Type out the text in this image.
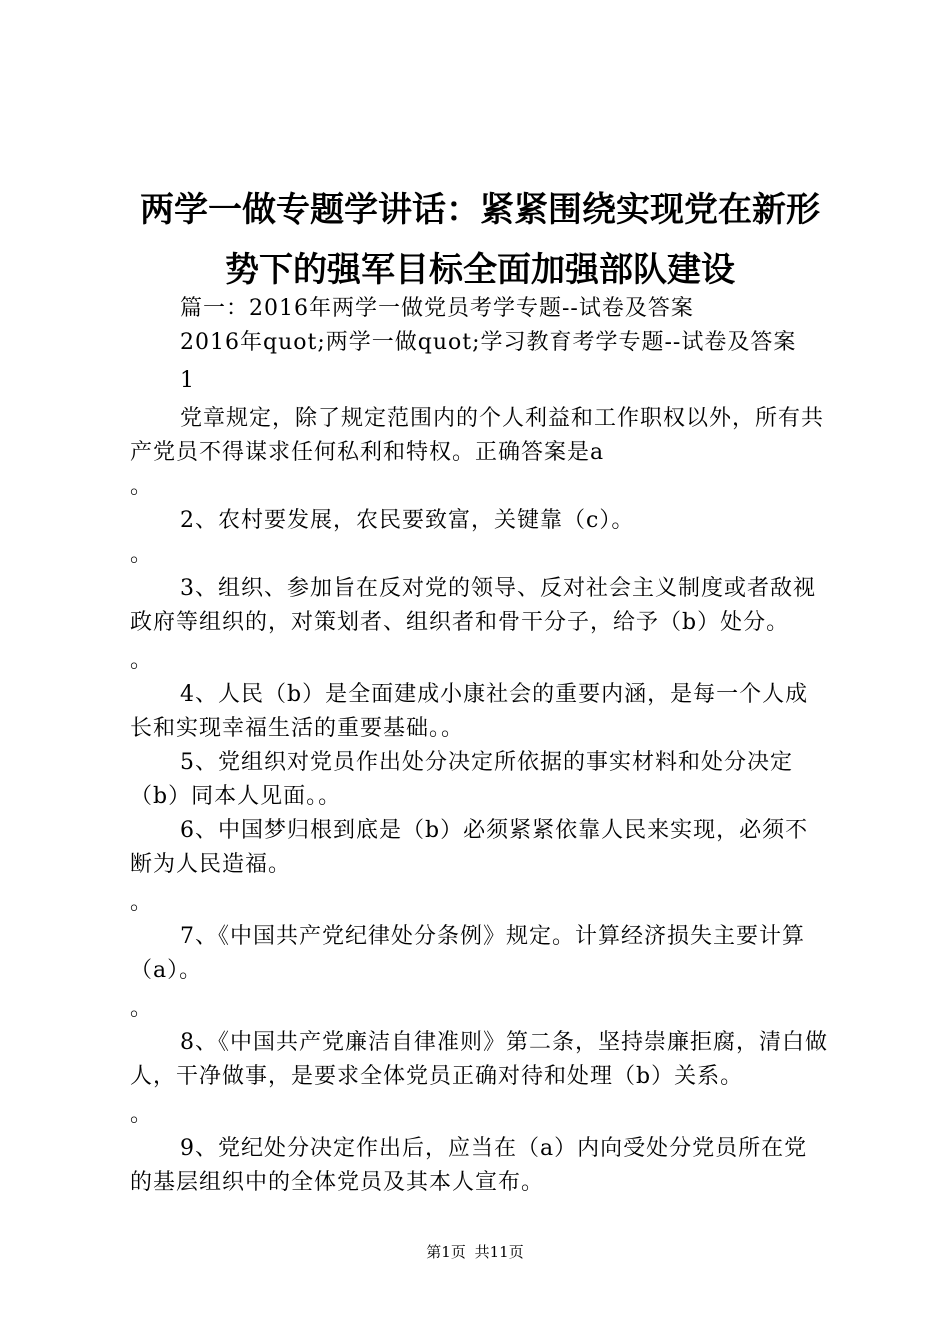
两学一做专题学讲话：紧紧围绕实现党在新形
势下的强军目标全面加强部队建设

篇一：2016年两学一做党员考学专题--试卷及答案

2016年quot;两学一做quot;学习教育考学专题--试卷及答案

1

党章规定，除了规定范围内的个人利益和工作职权以外，所有共产党员不得谋求任何私利和特权。正确答案是a

。

2、农村要发展，农民要致富，关键靠（c）。

。

3、组织、参加旨在反对党的领导、反对社会主义制度或者敌视政府等组织的，对策划者、组织者和骨干分子，给予（b）处分。

。

4、人民（b）是全面建成小康社会的重要内涵，是每一个人成长和实现幸福生活的重要基础。。

5、党组织对党员作出处分决定所依据的事实材料和处分决定（b）同本人见面。。

6、中国梦归根到底是（b）必须紧紧依靠人民来实现，必须不断为人民造福。

。

7、《中国共产党纪律处分条例》规定。计算经济损失主要计算（a）。

。

8、《中国共产党廉洁自律准则》第二条，坚持崇廉拒腐，清白做人，干净做事，是要求全体党员正确对待和处理（b）关系。

。

9、党纪处分决定作出后，应当在（a）内向受处分党员所在党的基层组织中的全体党员及其本人宣布。

第1页 共11页
